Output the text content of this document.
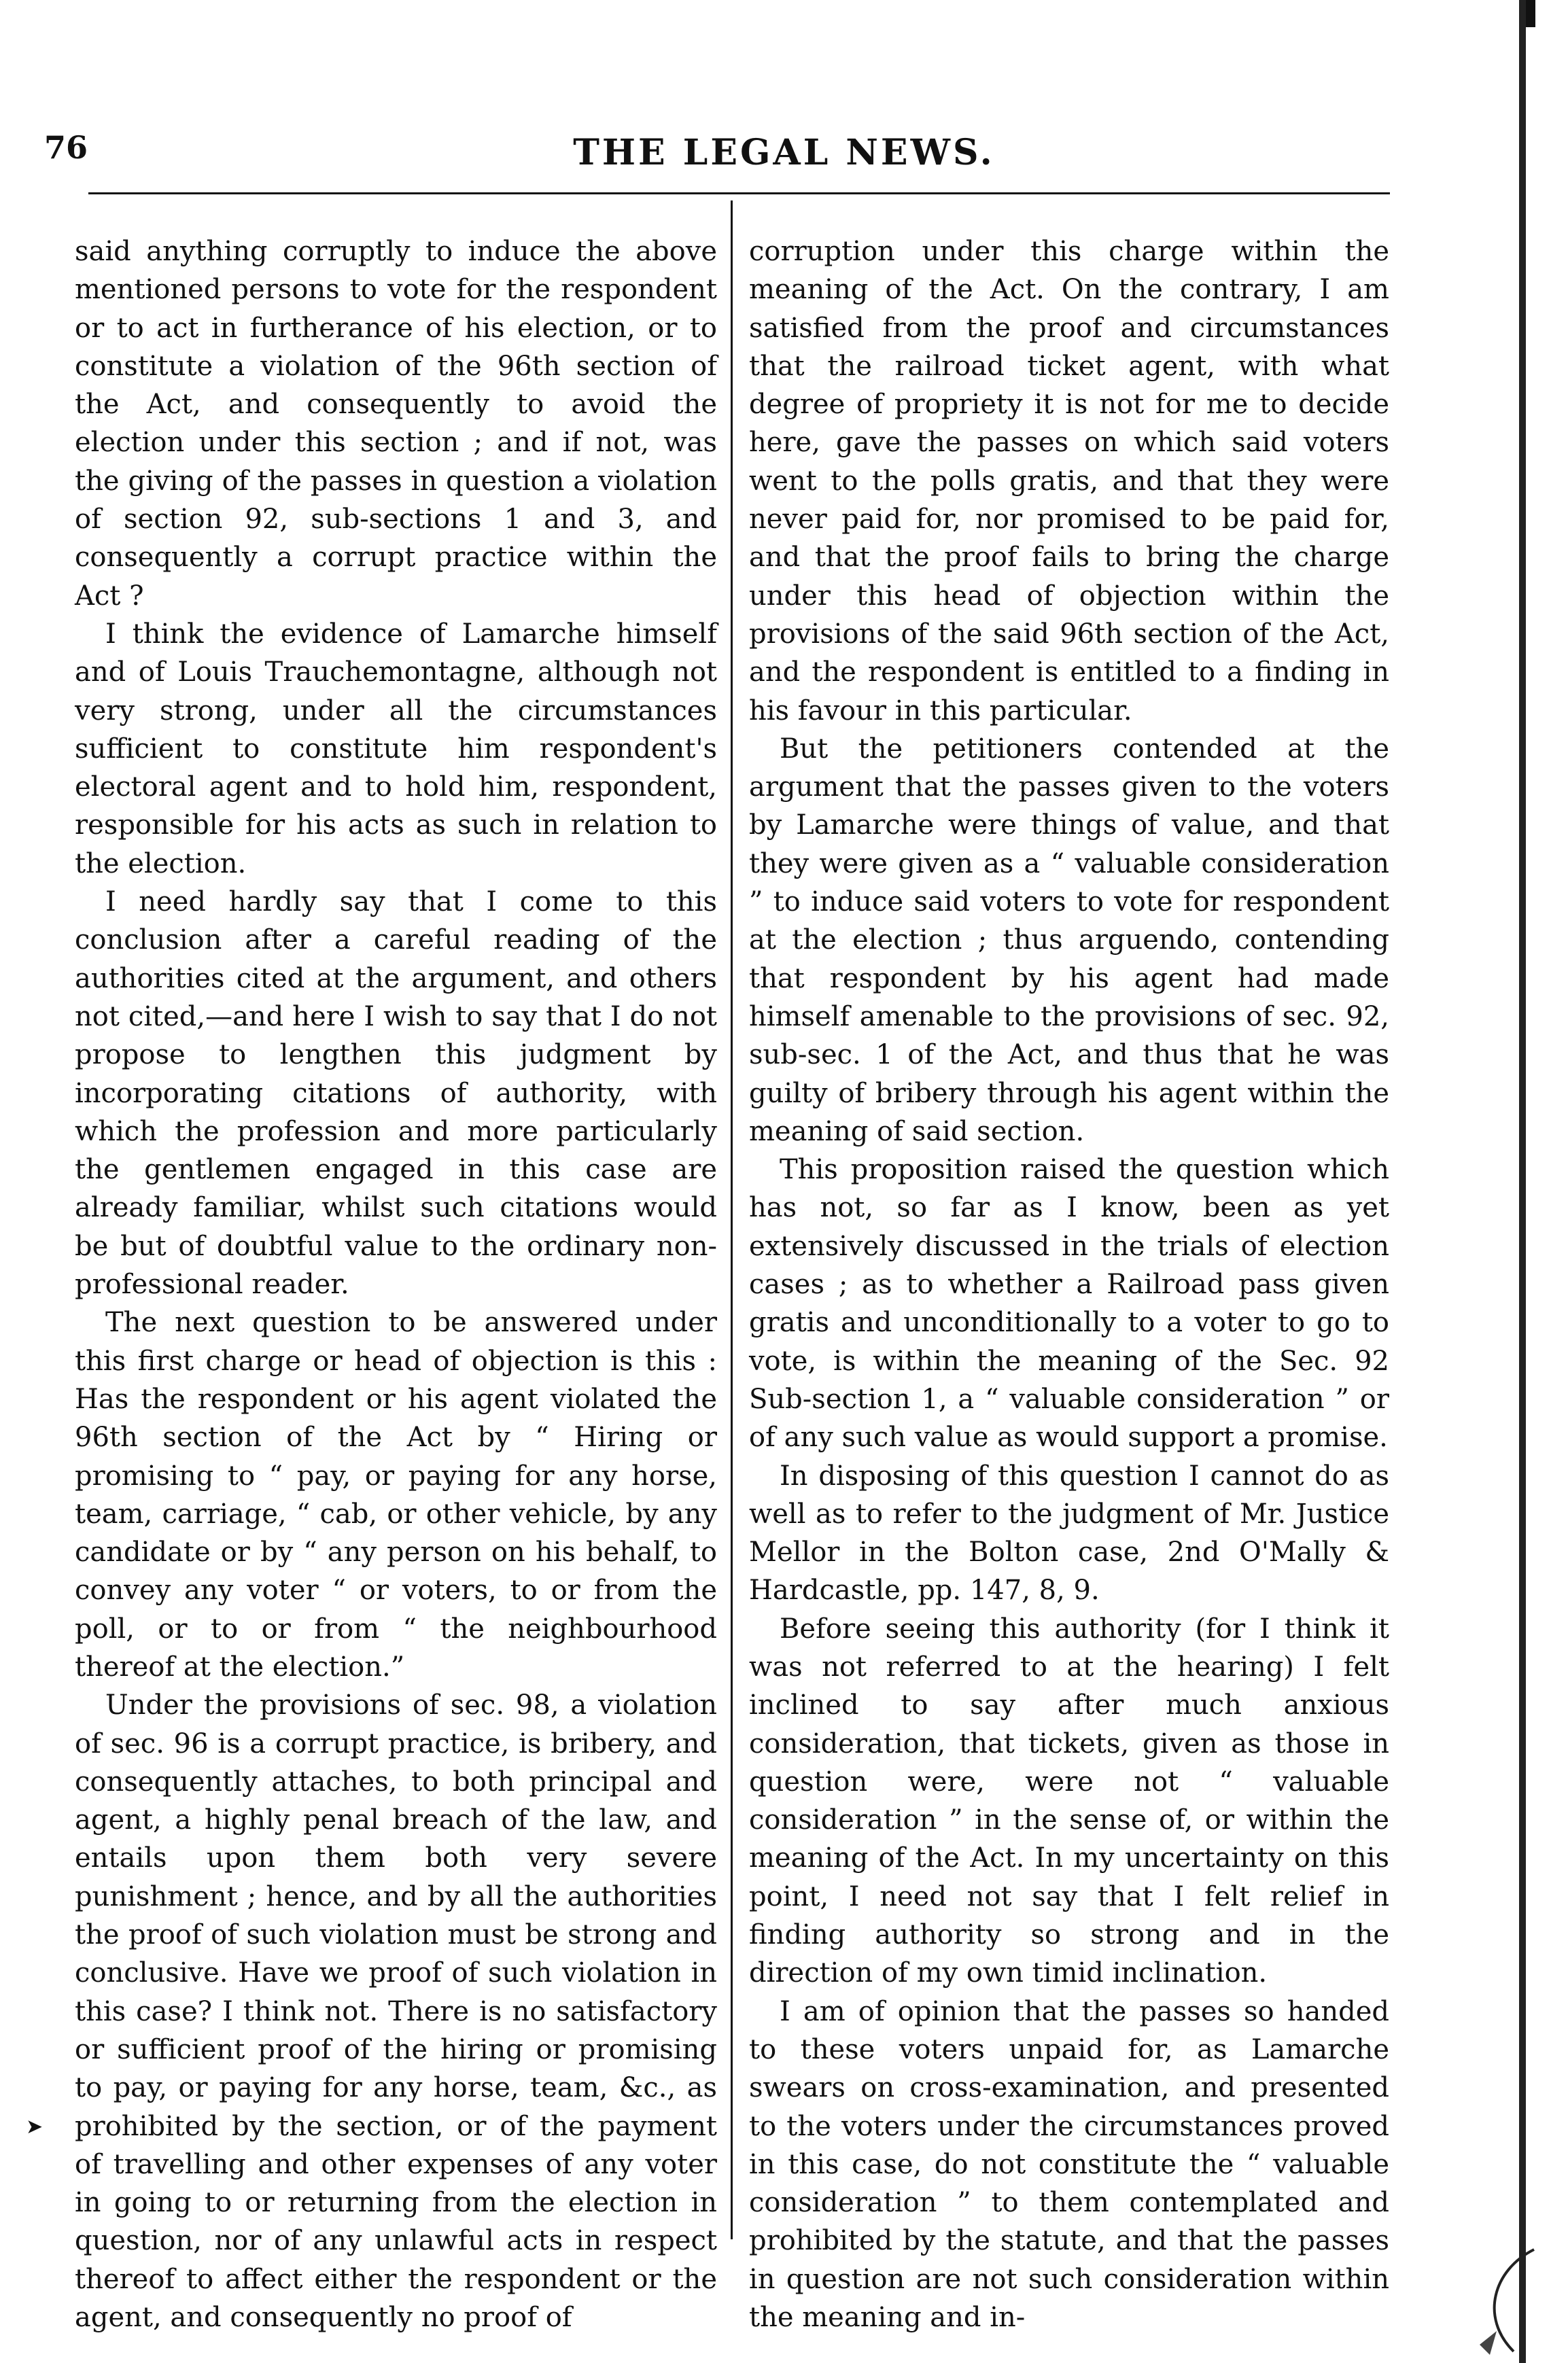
76	THE LEGAL NEWS.

said anything corruptly to induce the above mentioned persons to vote for the respondent or to act in furtherance of his election, or to constitute a violation of the 96th section of the Act, and consequently to avoid the election under this section ; and if not, was the giving of the passes in question a violation of section 92, sub-sections 1 and 3, and consequently a corrupt practice within the Act ?

I think the evidence of Lamarche himself and of Louis Trauchemontagne, although not very strong, under all the circumstances sufficient to constitute him respondent's electoral agent and to hold him, respondent, responsible for his acts as such in relation to the election.

I need hardly say that I come to this conclusion after a careful reading of the authorities cited at the argument, and others not cited,—and here I wish to say that I do not propose to lengthen this judgment by incorporating citations of authority, with which the profession and more particularly the gentlemen engaged in this case are already familiar, whilst such citations would be but of doubtful value to the ordinary non-professional reader.

The next question to be answered under this first charge or head of objection is this : Has the respondent or his agent violated the 96th section of the Act by “ Hiring or promising to “ pay, or paying for any horse, team, carriage, “ cab, or other vehicle, by any candidate or by “ any person on his behalf, to convey any voter “ or voters, to or from the poll, or to or from “ the neighbourhood thereof at the election.”

Under the provisions of sec. 98, a violation of sec. 96 is a corrupt practice, is bribery, and consequently attaches, to both principal and agent, a highly penal breach of the law, and entails upon them both very severe punishment ; hence, and by all the authorities the proof of such violation must be strong and conclusive. Have we proof of such violation in this case? I think not. There is no satisfactory or sufficient proof of the hiring or promising to pay, or paying for any horse, team, &c., as prohibited by the section, or of the payment of travelling and other expenses of any voter in going to or returning from the election in question, nor of any unlawful acts in respect thereof to affect either the respondent or the agent, and consequently no proof of

corruption under this charge within the meaning of the Act. On the contrary, I am satisfied from the proof and circumstances that the railroad ticket agent, with what degree of propriety it is not for me to decide here, gave the passes on which said voters went to the polls gratis, and that they were never paid for, nor promised to be paid for, and that the proof fails to bring the charge under this head of objection within the provisions of the said 96th section of the Act, and the respondent is entitled to a finding in his favour in this particular.

But the petitioners contended at the argument that the passes given to the voters by Lamarche were things of value, and that they were given as a “ valuable consideration ” to induce said voters to vote for respondent at the election ; thus arguendo, contending that respondent by his agent had made himself amenable to the provisions of sec. 92, sub-sec. 1 of the Act, and thus that he was guilty of bribery through his agent within the meaning of said section.

This proposition raised the question which has not, so far as I know, been as yet extensively discussed in the trials of election cases ; as to whether a Railroad pass given gratis and unconditionally to a voter to go to vote, is within the meaning of the Sec. 92 Sub-section 1, a “ valuable consideration ” or of any such value as would support a promise.

In disposing of this question I cannot do as well as to refer to the judgment of Mr. Justice Mellor in the Bolton case, 2nd O'Mally & Hardcastle, pp. 147, 8, 9.

Before seeing this authority (for I think it was not referred to at the hearing) I felt inclined to say after much anxious consideration, that tickets, given as those in question were, were not “ valuable consideration ” in the sense of, or within the meaning of the Act. In my uncertainty on this point, I need not say that I felt relief in finding authority so strong and in the direction of my own timid inclination.

I am of opinion that the passes so handed to these voters unpaid for, as Lamarche swears on cross-examination, and presented to the voters under the circumstances proved in this case, do not constitute the “ valuable consideration ” to them contemplated and prohibited by the statute, and that the passes in question are not such consideration within the meaning and in-

➤
